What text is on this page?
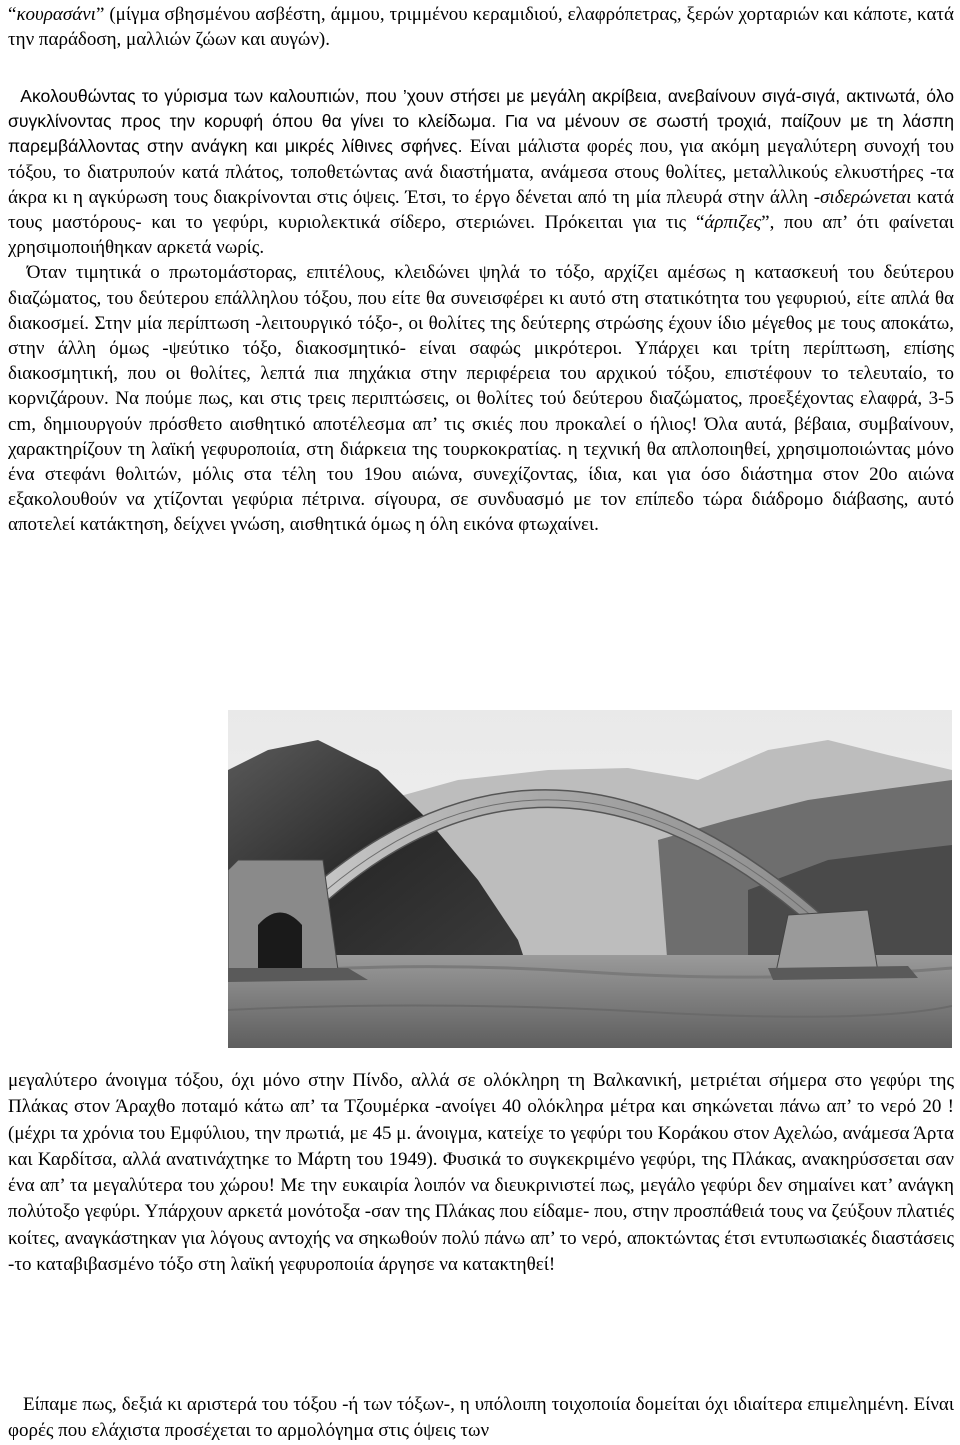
“κουρασάνι” (μίγμα σβησμένου ασβέστη, άμμου, τριμμένου κεραμιδιού, ελαφρόπετρας, ξερών χορταριών και κάποτε, κατά την παράδοση, μαλλιών ζώων και αυγών).

Ακολουθώντας το γύρισμα των καλουπιών, που ’χουν στήσει με μεγάλη ακρίβεια, ανεβαίνουν σιγά-σιγά, ακτινωτά, όλο συγκλίνοντας προς την κορυφή όπου θα γίνει το κλείδωμα. Για να μένουν σε σωστή τροχιά, παίζουν με τη λάσπη παρεμβάλλοντας στην ανάγκη και μικρές λίθινες σφήνες. Είναι μάλιστα φορές που, για ακόμη μεγαλύτερη συνοχή του τόξου, το διατρυπούν κατά πλάτος, τοποθετώντας ανά διαστήματα, ανάμεσα στους θολίτες, μεταλλικούς ελκυστήρες -τα άκρα κι η αγκύρωση τους διακρίνονται στις όψεις. Έτσι, το έργο δένεται από τη μία πλευρά στην άλλη -σιδερώνεται κατά τους μαστόρους- και το γεφύρι, κυριολεκτικά σίδερο, στεριώνει. Πρόκειται για τις “άρπιζες”, που απ’ ότι φαίνεται χρησιμοποιήθηκαν αρκετά νωρίς.
Όταν τιμητικά ο πρωτομάστορας, επιτέλους, κλειδώνει ψηλά το τόξο, αρχίζει αμέσως η κατασκευή του δεύτερου διαζώματος, του δεύτερου επάλληλου τόξου, που είτε θα συνεισφέρει κι αυτό στη στατικότητα του γεφυριού, είτε απλά θα διακοσμεί. Στην μία περίπτωση -λειτουργικό τόξο-, οι θολίτες της δεύτερης στρώσης έχουν ίδιο μέγεθος με τους αποκάτω, στην άλλη όμως -ψεύτικο τόξο, διακοσμητικό- είναι σαφώς μικρότεροι. Υπάρχει και τρίτη περίπτωση, επίσης διακοσμητική, που οι θολίτες, λεπτά πια πηχάκια στην περιφέρεια του αρχικού τόξου, επιστέφουν το τελευταίο, το κορνιζάρουν. Να πούμε πως, και στις τρεις περιπτώσεις, οι θολίτες τού δεύτερου διαζώματος, προεξέχοντας ελαφρά, 3-5 cm, δημιουργούν πρόσθετο αισθητικό αποτέλεσμα απ’ τις σκιές που προκαλεί ο ήλιος! Όλα αυτά, βέβαια, συμβαίνουν, χαρακτηρίζουν τη λαϊκή γεφυροποιία, στη διάρκεια της τουρκοκρατίας. η τεχνική θα απλοποιηθεί, χρησιμοποιώντας μόνο ένα στεφάνι θολιτών, μόλις στα τέλη του 19ου αιώνα, συνεχίζοντας, ίδια, και για όσο διάστημα στον 20ο αιώνα εξακολουθούν να χτίζονται γεφύρια πέτρινα. σίγουρα, σε συνδυασμό με τον επίπεδο τώρα διάδρομο διάβασης, αυτό αποτελεί κατάκτηση, δείχνει γνώση, αισθητικά όμως η όλη εικόνα φτωχαίνει.

μεγαλύτερο άνοιγμα τόξου, όχι μόνο στην Πίνδο, αλλά σε ολόκληρη τη Βαλκανική, μετριέται σήμερα στο γεφύρι της Πλάκας στον Άραχθο ποταμό κάτω απ’ τα Τζουμέρκα -ανοίγει 40 ολόκληρα μέτρα και σηκώνεται πάνω απ’ το νερό 20 ! (μέχρι τα χρόνια του Εμφύλιου, την πρωτιά, με 45 μ. άνοιγμα, κατείχε το γεφύρι του Κοράκου στον Αχελώο, ανάμεσα Άρτα και Καρδίτσα, αλλά ανατινάχτηκε το Μάρτη του 1949). Φυσικά το συγκεκριμένο γεφύρι, της Πλάκας, ανακηρύσσεται σαν ένα απ’ τα μεγαλύτερα του χώρου! Με την ευκαιρία λοιπόν να διευκρινιστεί πως, μεγάλο γεφύρι δεν σημαίνει κατ’ ανάγκη πολύτοξο γεφύρι. Υπάρχουν αρκετά μονότοξα -σαν της Πλάκας που είδαμε- που, στην προσπάθειά τους να ζεύξουν πλατιές κοίτες, αναγκάστηκαν για λόγους αντοχής να σηκωθούν πολύ πάνω απ’ το νερό, αποκτώντας έτσι εντυπωσιακές διαστάσεις -το καταβιβασμένο τόξο στη λαϊκή γεφυροποιία άργησε να κατακτηθεί!

Είπαμε πως, δεξιά κι αριστερά του τόξου -ή των τόξων-, η υπόλοιπη τοιχοποιία δομείται όχι ιδιαίτερα επιμελημένη. Είναι φορές που ελάχιστα προσέχεται το αρμολόγημα στις όψεις των
